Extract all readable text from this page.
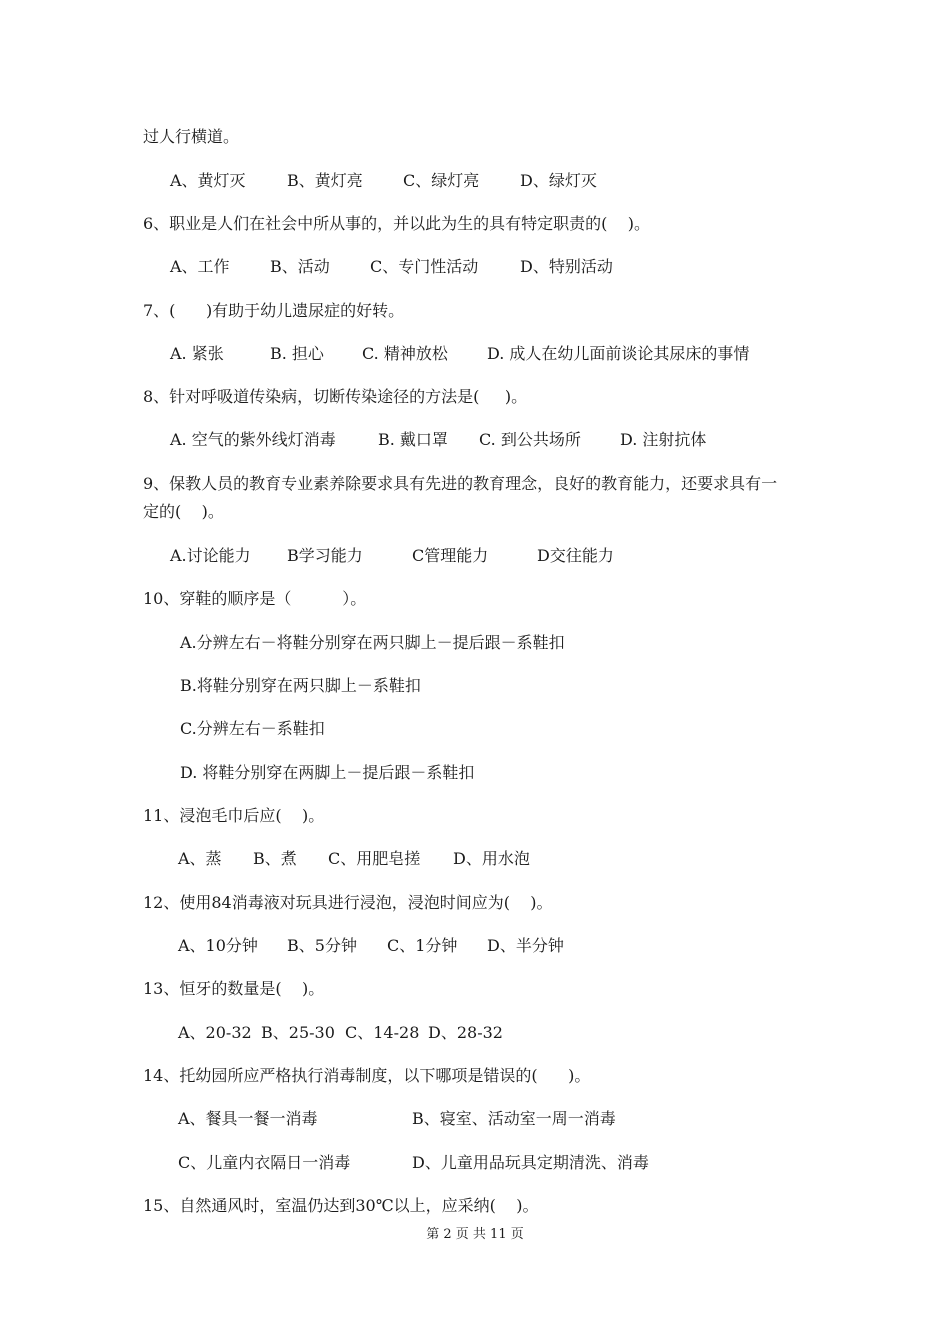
过人行横道。
A、黄灯灭	B、黄灯亮	C、绿灯亮	D、绿灯灭
6、职业是人们在社会中所从事的，并以此为生的具有特定职责的(    )。
A、工作	B、活动	C、专门性活动	D、特别活动
7、(      )有助于幼儿遗尿症的好转。
A. 紧张	B. 担心 C. 精神放松 D. 成人在幼儿面前谈论其尿床的事情
8、针对呼吸道传染病，切断传染途径的方法是(     )。
A. 空气的紫外线灯消毒	B. 戴口罩 C. 到公共场所 D. 注射抗体
9、保教人员的教育专业素养除要求具有先进的教育理念，良好的教育能力，还要求具有一
定的(    )。
A.讨论能力 B学习能力	C管理能力	D交往能力
10、穿鞋的顺序是（          ）。
A.分辨左右－将鞋分别穿在两只脚上－提后跟－系鞋扣
B.将鞋分别穿在两只脚上－系鞋扣
C.分辨左右－系鞋扣
D. 将鞋分别穿在两脚上－提后跟－系鞋扣
11、浸泡毛巾后应(    )。
A、蒸 B、煮 C、用肥皂搓 D、用水泡
12、使用84消毒液对玩具进行浸泡，浸泡时间应为(    )。
A、10分钟 B、5分钟 C、1分钟 D、半分钟
13、恒牙的数量是(    )。
A、20-32 B、25-30 C、14-28 D、28-32
14、托幼园所应严格执行消毒制度，以下哪项是错误的(      )。
A、餐具一餐一消毒	B、寝室、活动室一周一消毒
C、儿童内衣隔日一消毒	D、儿童用品玩具定期清洗、消毒
15、自然通风时，室温仍达到30℃以上，应采纳(    )。
第 2 页 共 11 页
